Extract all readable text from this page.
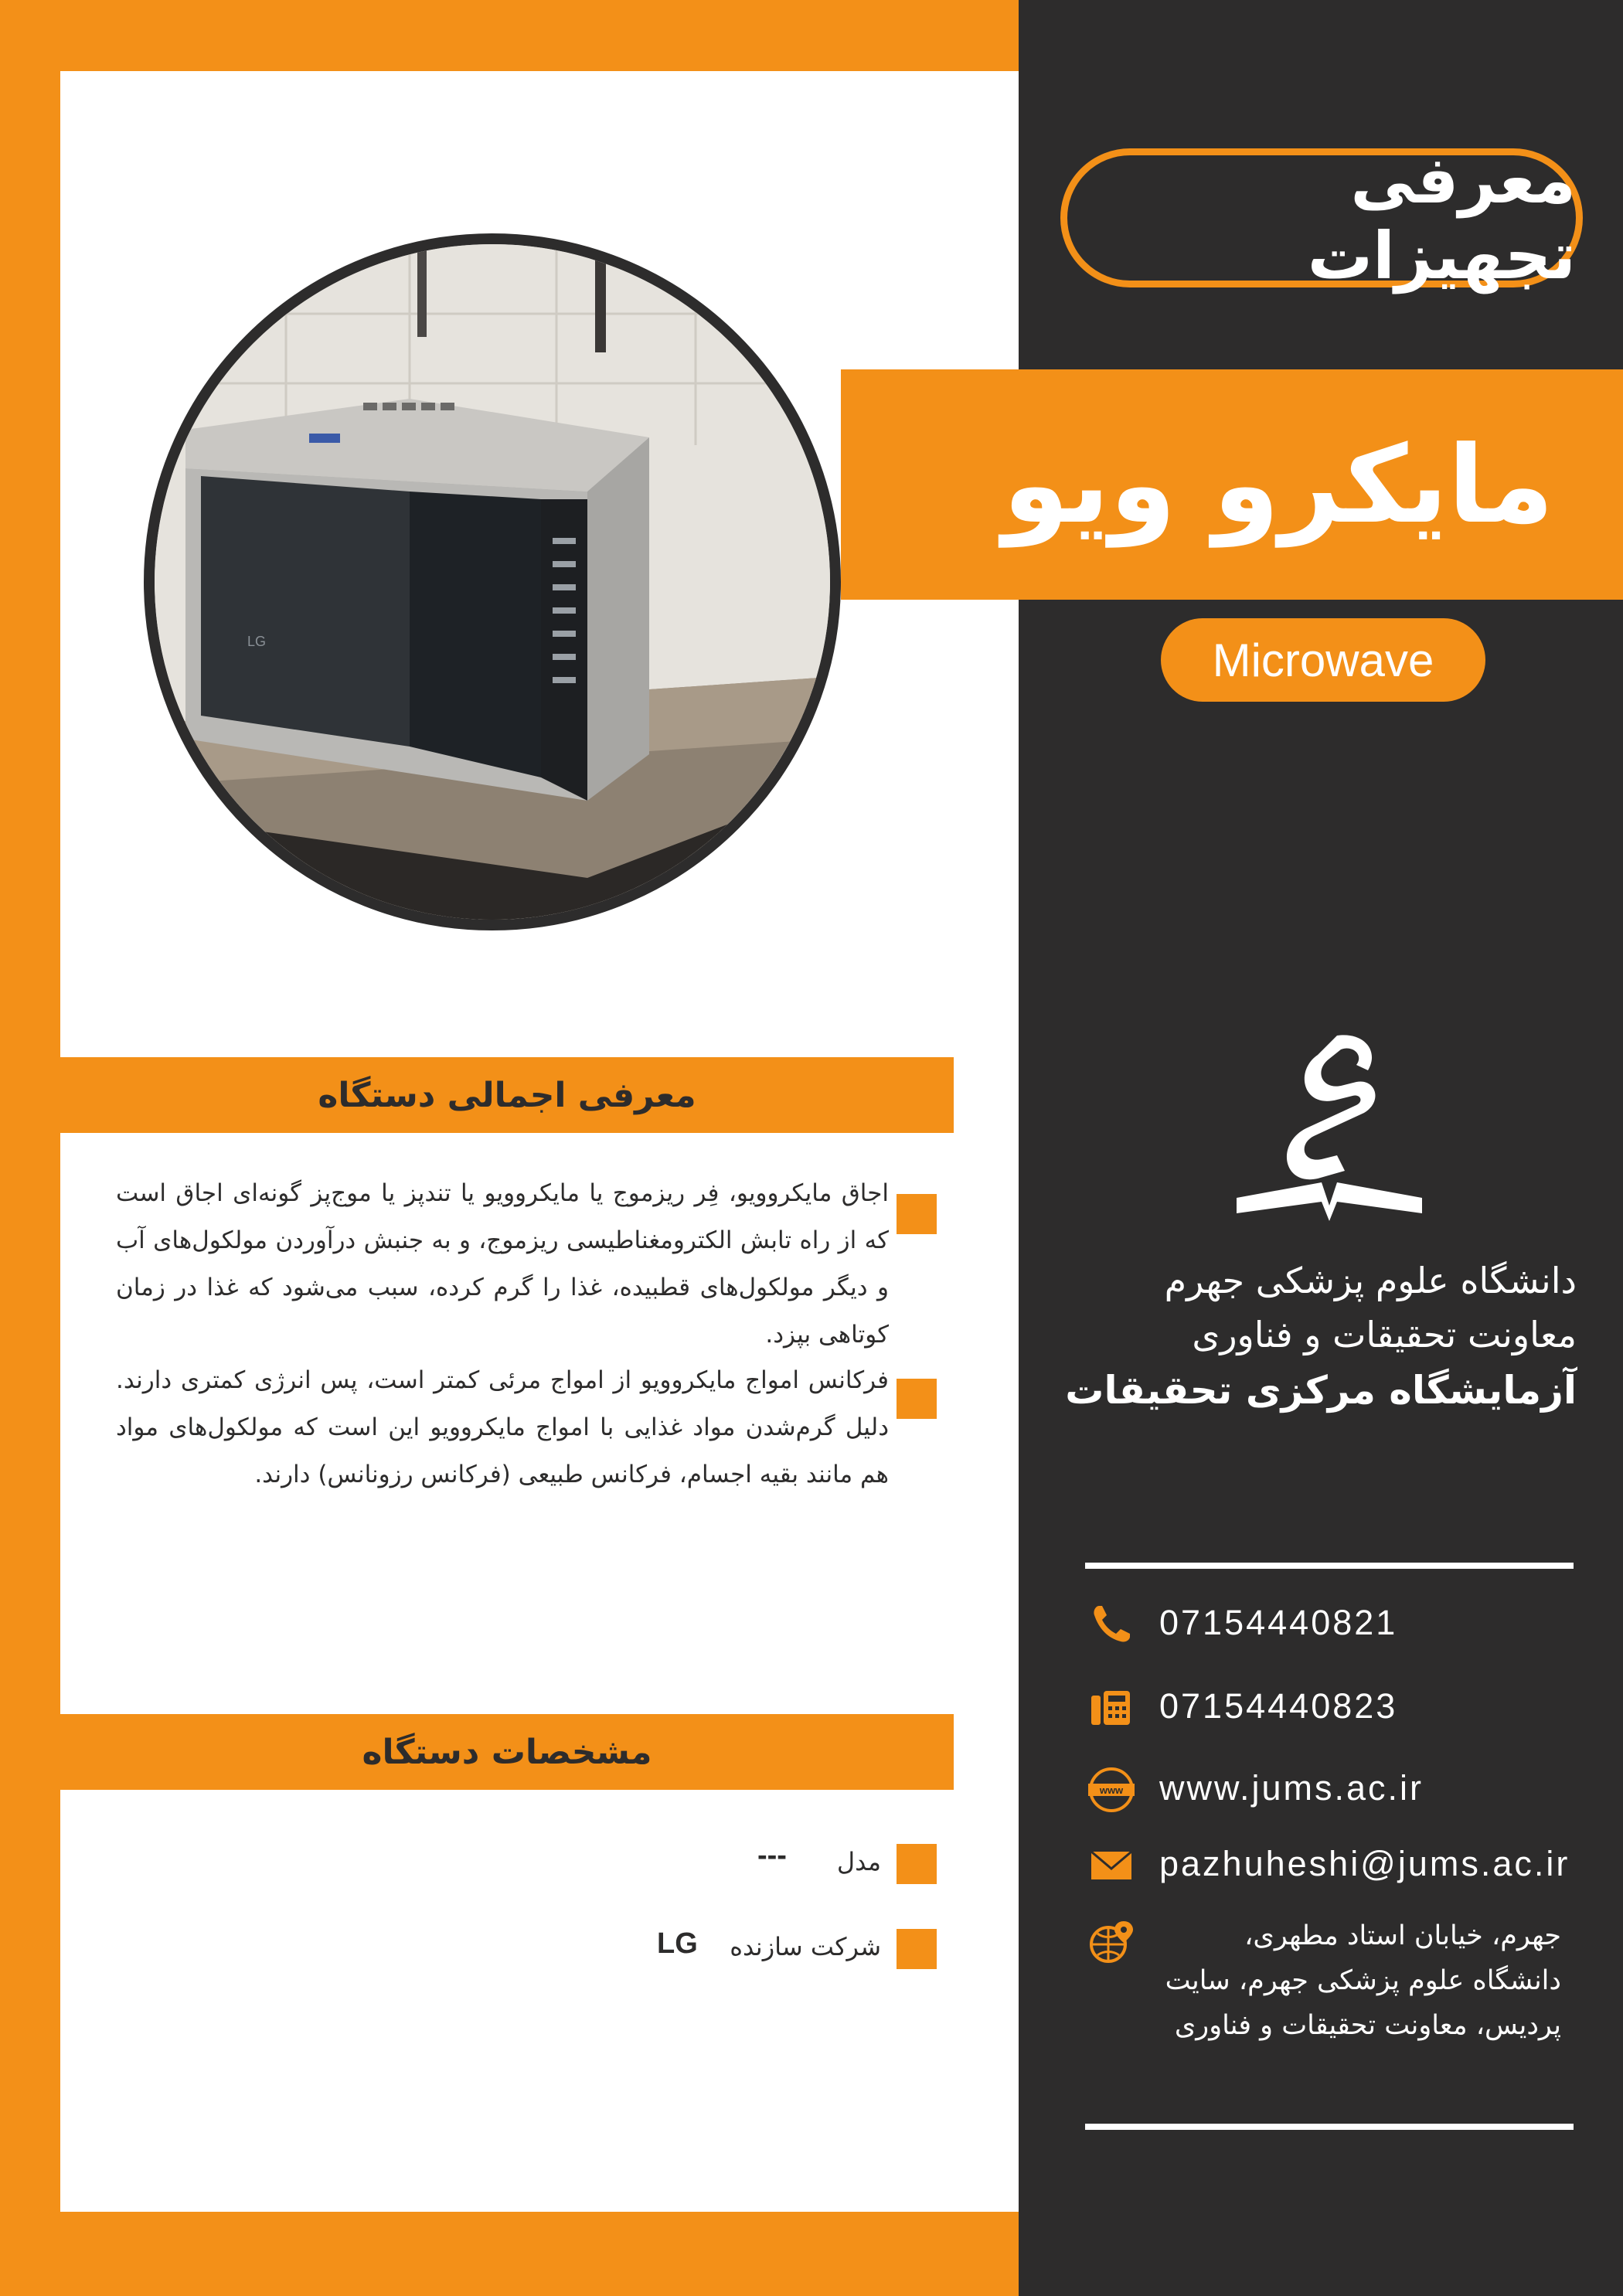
LG
معرفی تجهیزات
مایکرو ویو
Microwave
معرفی اجمالی دستگاه
اجاق مایکروویو، فِر ریزموج یا مایکروویو یا تندپز یا موج‌پز گونه‌ای اجاق است که از راه تابش الکترومغناطیسی ریزموج، و به جنبش درآوردن مولکول‌های آب و دیگر مولکول‌های قطبیده، غذا را گرم کرده، سبب می‌شود که غذا در زمان کوتاهی بپزد.
فرکانس امواج مایکروویو از امواج مرئی کمتر است، پس انرژی کمتری دارند. دلیل گرم‌شدن مواد غذایی با امواج مایکروویو این است که مولکول‌های مواد هم مانند بقیه اجسام، فرکانس طبیعی (فرکانس رزونانس) دارند.
مشخصات دستگاه
مدل
---
شرکت سازنده
LG
دانشگاه علوم پزشکی جهرم
معاونت تحقیقات و فناوری
آزمایشگاه مرکزی تحقیقات
07154440821
07154440823
www www.jums.ac.ir
pazhuheshi@jums.ac.ir
جهرم، خیابان استاد مطهری، دانشگاه علوم پزشکی جهرم، سایت پردیس، معاونت تحقیقات و فناوری
